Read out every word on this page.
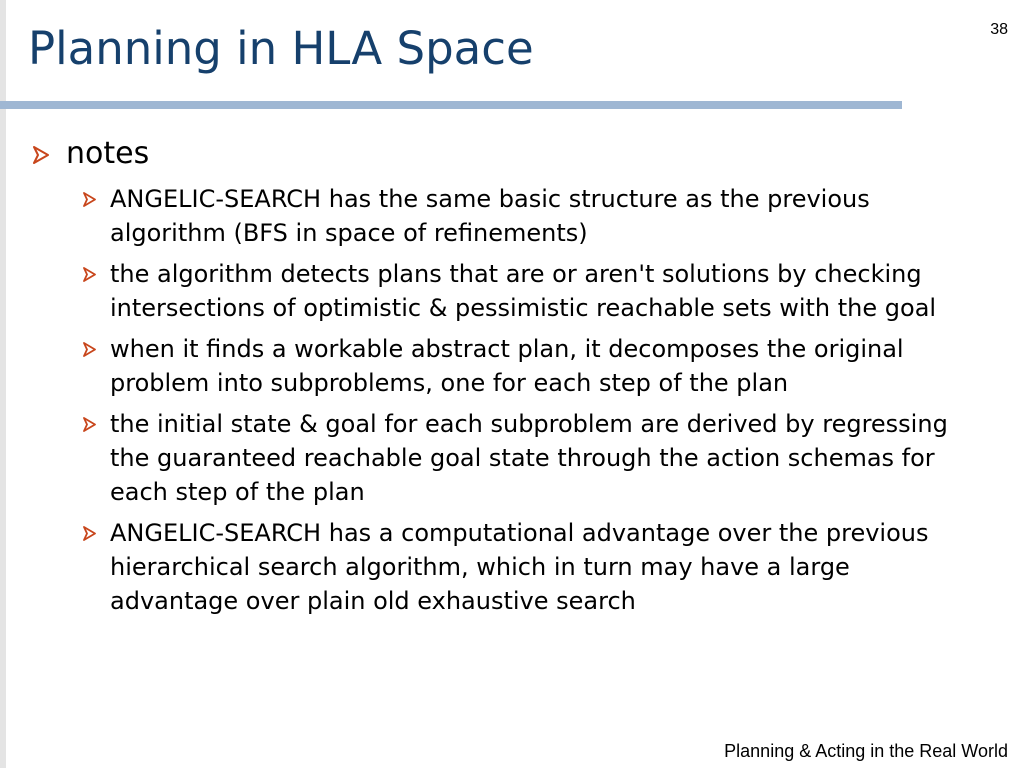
Planning in HLA Space	38
notes
ANGELIC-SEARCH has the same basic structure as the previous algorithm (BFS in space of refinements)
the algorithm detects plans that are or aren't solutions by checking intersections of optimistic & pessimistic reachable sets with the goal
when it finds a workable abstract plan, it decomposes the original problem into subproblems, one for each step of the plan
the initial state & goal for each subproblem are derived by regressing the guaranteed reachable goal state through the action schemas for each step of the plan
ANGELIC-SEARCH has a computational advantage over the previous hierarchical search algorithm, which in turn may have a large advantage over plain old exhaustive search
Planning & Acting in the Real World
